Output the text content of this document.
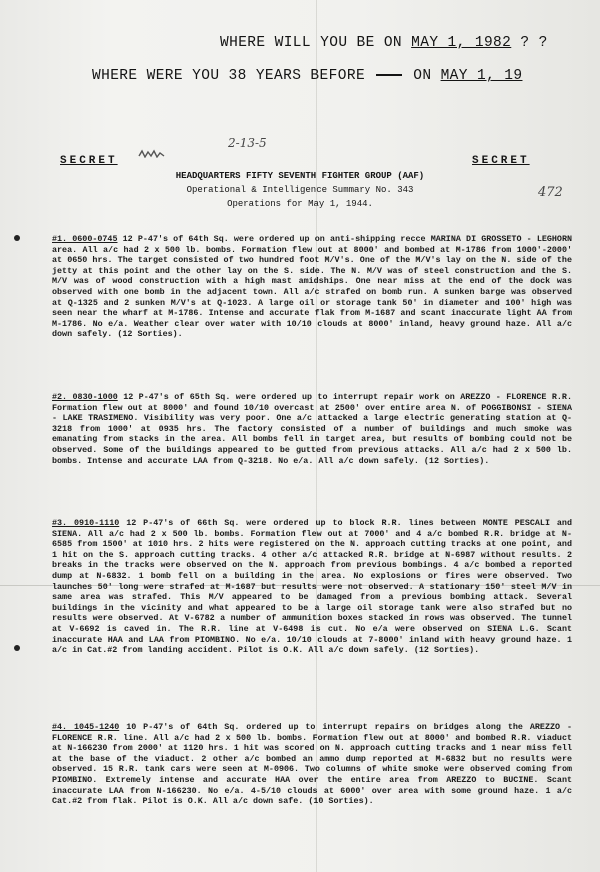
WHERE WILL YOU BE ON MAY 1, 1982 ? ?
WHERE WERE YOU 38 YEARS BEFORE	ON MAY 1, 19
SECRET	SECRET
2-13-5
472
HEADQUARTERS FIFTY SEVENTH FIGHTER GROUP (AAF)
Operational & Intelligence Summary No. 343
Operations for May 1, 1944.
#1. 0600-0745 12 P-47's of 64th Sq. were ordered up on anti-shipping recce MARINA DI GROSSETO - LEGHORN area. All a/c had 2 x 500 lb. bombs. Formation flew out at 8000' and bombed at M-1786 from 1000'-2000' at 0650 hrs. The target consisted of two hundred foot M/V's. One of the M/V's lay on the N. side of the jetty at this point and the other lay on the S. side. The N. M/V was of steel construction and the S. M/V was of wood construction with a high mast amidships. One near miss at the end of the dock was observed with one bomb in the adjacent town. All a/c strafed on bomb run. A sunken barge was observed at Q-1325 and 2 sunken M/V's at Q-1023. A large oil or storage tank 50' in diameter and 100' high was seen near the wharf at M-1786. Intense and accurate flak from M-1687 and scant inaccurate light AA from M-1786. No e/a. Weather clear over water with 10/10 clouds at 8000' inland, heavy ground haze. All a/c down safely. (12 Sorties).
#2. 0830-1000 12 P-47's of 65th Sq. were ordered up to interrupt repair work on AREZZO - FLORENCE R.R. Formation flew out at 8000' and found 10/10 overcast at 2500' over entire area N. of POGGIBONSI - SIENA - LAKE TRASIMENO. Visibility was very poor. One a/c attacked a large electric generating station at Q-3218 from 1000' at 0935 hrs. The factory consisted of a number of buildings and much smoke was emanating from stacks in the area. All bombs fell in target area, but results of bombing could not be observed. Some of the buildings appeared to be gutted from previous attacks. All a/c had 2 x 500 lb. bombs. Intense and accurate LAA from Q-3218. No e/a. All a/c down safely. (12 Sorties).
#3. 0910-1110 12 P-47's of 66th Sq. were ordered up to block R.R. lines between MONTE PESCALI and SIENA. All a/c had 2 x 500 lb. bombs. Formation flew out at 7000' and 4 a/c bombed R.R. bridge at N-6585 from 1500' at 1010 hrs. 2 hits were registered on the N. approach cutting tracks at one point, and 1 hit on the S. approach cutting tracks. 4 other a/c attacked R.R. bridge at N-6987 without results. 2 breaks in the tracks were observed on the N. approach from previous bombings. 4 a/c bombed a reported dump at N-6832. 1 bomb fell on a building in the area. No explosions or fires were observed. Two launches 50' long were strafed at M-1687 but results were not observed. A stationary 150' steel M/V in same area was strafed. This M/V appeared to be damaged from a previous bombing attack. Several buildings in the vicinity and what appeared to be a large oil storage tank were also strafed but no results were observed. At V-6782 a number of ammunition boxes stacked in rows was observed. The tunnel at V-6692 is caved in. The R.R. line at V-6498 is cut. No e/a were observed on SIENA L.G. Scant inaccurate HAA and LAA from PIOMBINO. No e/a. 10/10 clouds at 7-8000' inland with heavy ground haze. 1 a/c in Cat.#2 from landing accident. Pilot is O.K. All a/c down safely. (12 Sorties).
#4. 1045-1240 10 P-47's of 64th Sq. ordered up to interrupt repairs on bridges along the AREZZO - FLORENCE R.R. line. All a/c had 2 x 500 lb. bombs. Formation flew out at 8000' and bombed R.R. viaduct at N-166230 from 2000' at 1120 hrs. 1 hit was scored on N. approach cutting tracks and 1 near miss fell at the base of the viaduct. 2 other a/c bombed an ammo dump reported at M-6832 but no results were observed. 15 R.R. tank cars were seen at M-0906. Two columns of white smoke were observed coming from PIOMBINO. Extremely intense and accurate HAA over the entire area from AREZZO to BUCINE. Scant inaccurate LAA from N-166230. No e/a. 4-5/10 clouds at 6000' over area with some ground haze. 1 a/c Cat.#2 from flak. Pilot is O.K. All a/c down safe. (10 Sorties).
